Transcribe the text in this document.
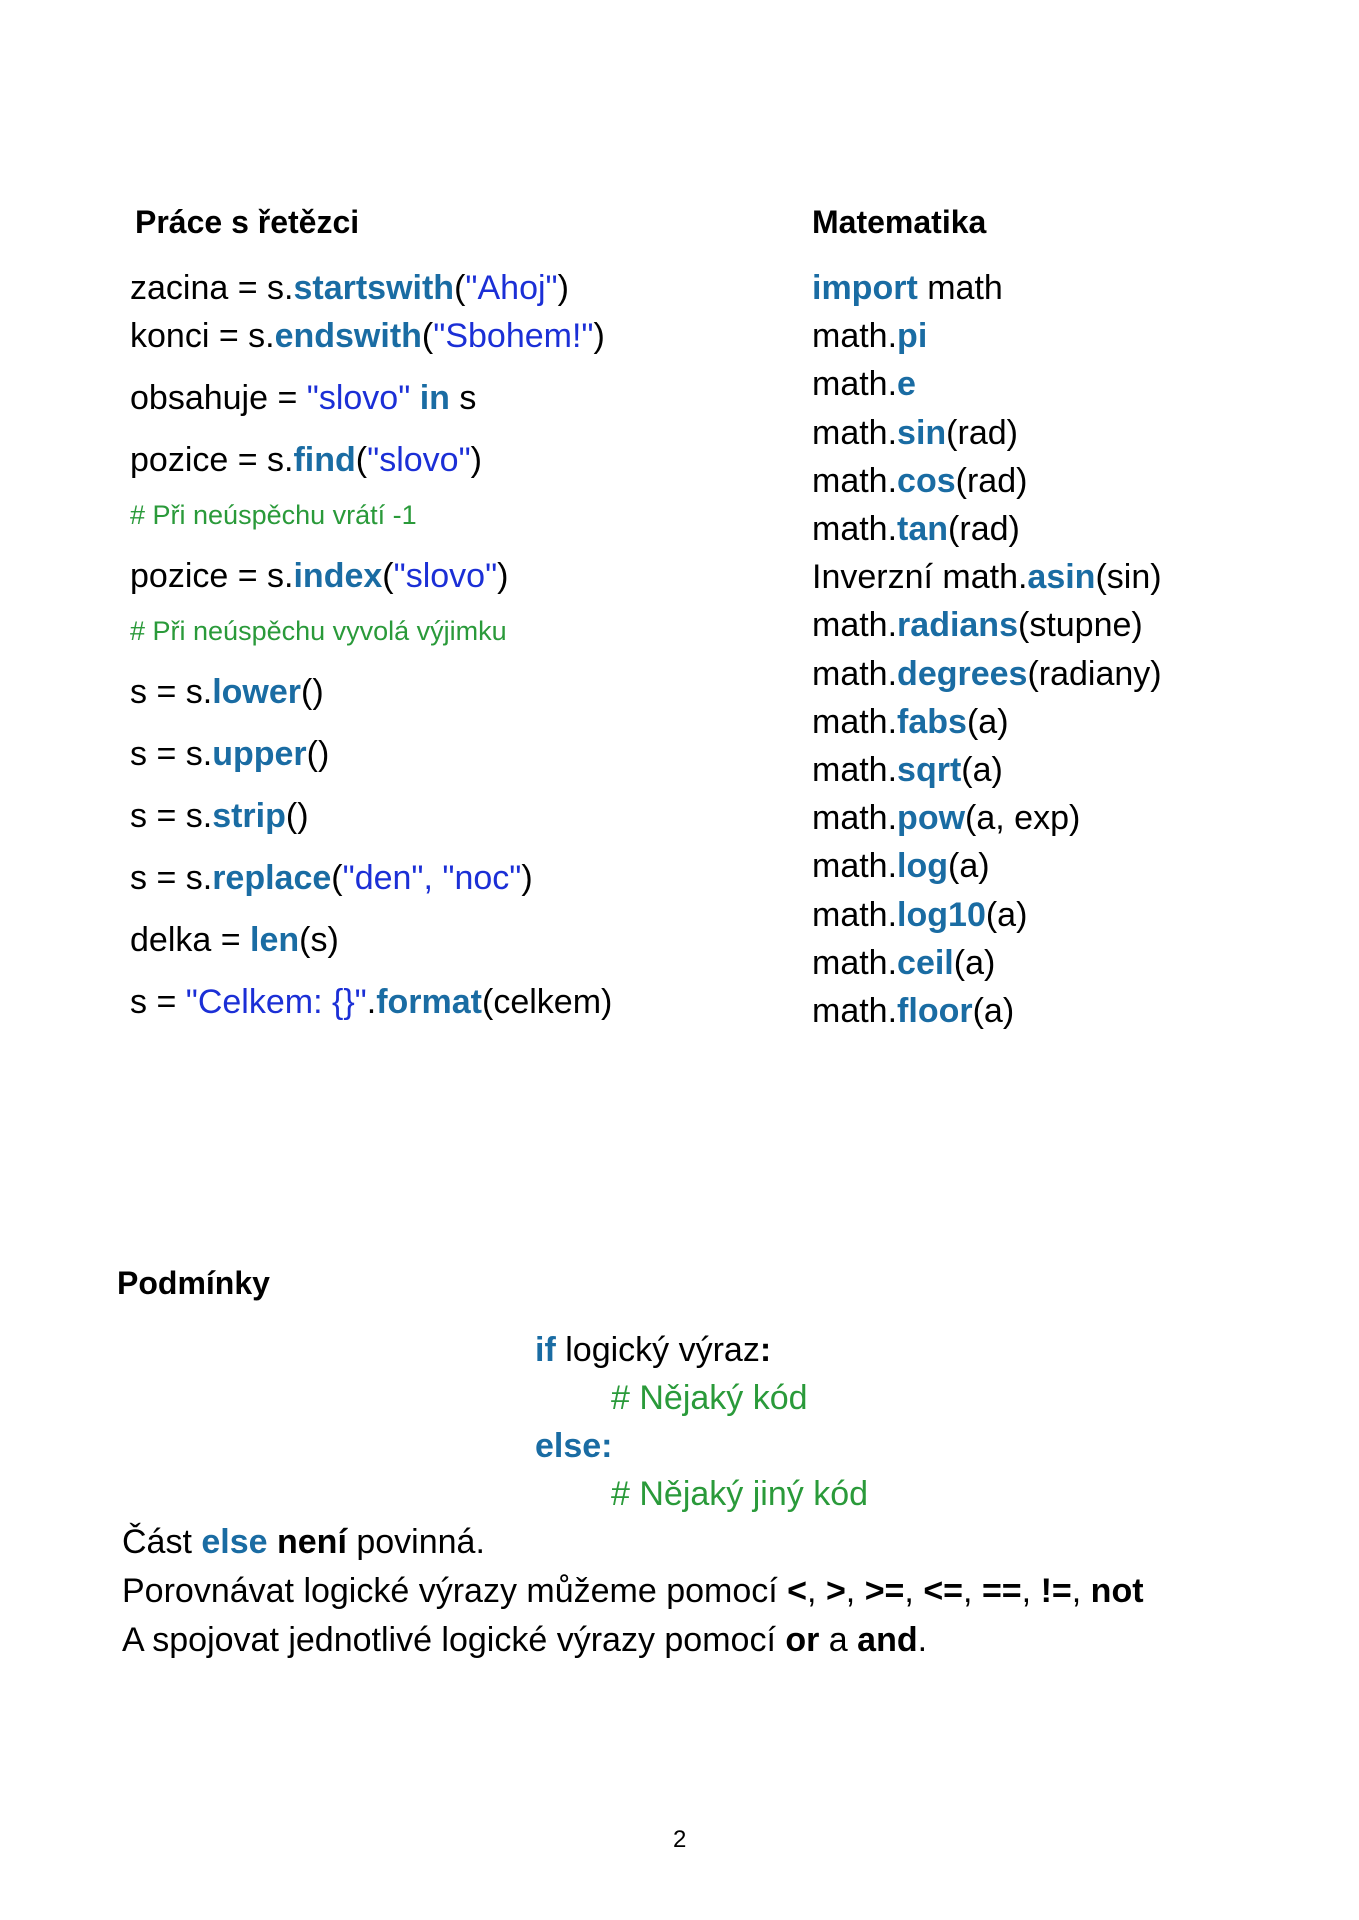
Práce s řetězci
zacina = s.startswith("Ahoj")
konci = s.endswith("Sbohem!")
obsahuje = "slovo" in s
pozice = s.find("slovo")
# Při neúspěchu vrátí -1
pozice = s.index("slovo")
# Při neúspěchu vyvolá výjimku
s = s.lower()
s = s.upper()
s = s.strip()
s = s.replace("den", "noc")
delka = len(s)
s = "Celkem: {}".format(celkem)
Matematika
import math
math.pi
math.e
math.sin(rad)
math.cos(rad)
math.tan(rad)
Inverzní math.asin(sin)
math.radians(stupne)
math.degrees(radiany)
math.fabs(a)
math.sqrt(a)
math.pow(a, exp)
math.log(a)
math.log10(a)
math.ceil(a)
math.floor(a)
Podmínky
if logický výraz:
# Nějaký kód
else:
# Nějaký jiný kód
Část else není povinná.
Porovnávat logické výrazy můžeme pomocí <, >, >=, <=, ==, !=, not
A spojovat jednotlivé logické výrazy pomocí or a and.
2
